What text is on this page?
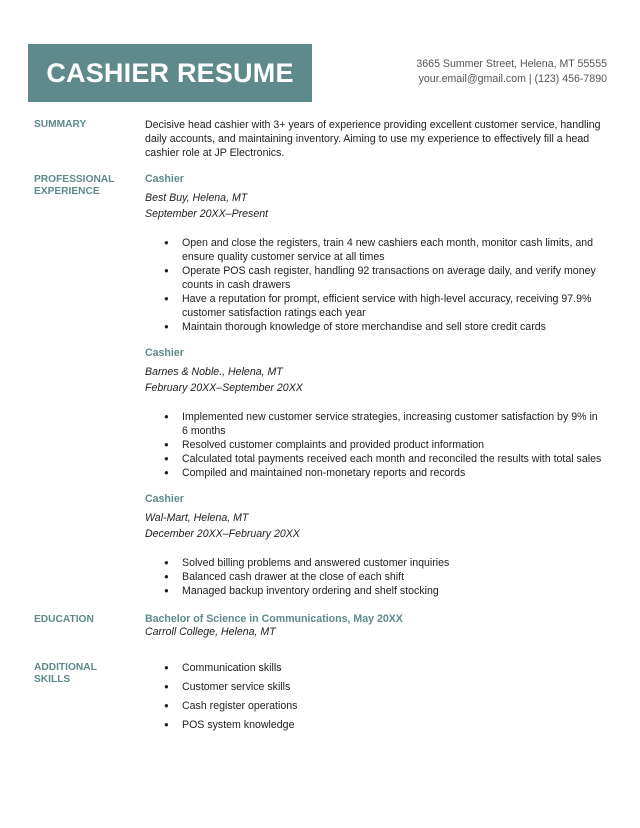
CASHIER RESUME	3665 Summer Street, Helena, MT 55555
your.email@gmail.com | (123) 456-7890
SUMMARY	Decisive head cashier with 3+ years of experience providing excellent customer service, handling daily accounts, and maintaining inventory. Aiming to use my experience to effectively fill a head cashier role at JP Electronics.
PROFESSIONAL
EXPERIENCE
Cashier
Best Buy, Helena, MT
September 20XX–Present
● Open and close the registers, train 4 new cashiers each month, monitor cash limits, and ensure quality customer service at all times
● Operate POS cash register, handling 92 transactions on average daily, and verify money counts in cash drawers
● Have a reputation for prompt, efficient service with high-level accuracy, receiving 97.9% customer satisfaction ratings each year
● Maintain thorough knowledge of store merchandise and sell store credit cards
Cashier
Barnes & Noble., Helena, MT
February 20XX–September 20XX
● Implemented new customer service strategies, increasing customer satisfaction by 9% in 6 months
● Resolved customer complaints and provided product information
● Calculated total payments received each month and reconciled the results with total sales
● Compiled and maintained non-monetary reports and records
Cashier
Wal-Mart, Helena, MT
December 20XX–February 20XX
● Solved billing problems and answered customer inquiries
● Balanced cash drawer at the close of each shift
● Managed backup inventory ordering and shelf stocking
EDUCATION	Bachelor of Science in Communications, May 20XX
Carroll College, Helena, MT
ADDITIONAL
SKILLS
● Communication skills
● Customer service skills
● Cash register operations
● POS system knowledge
